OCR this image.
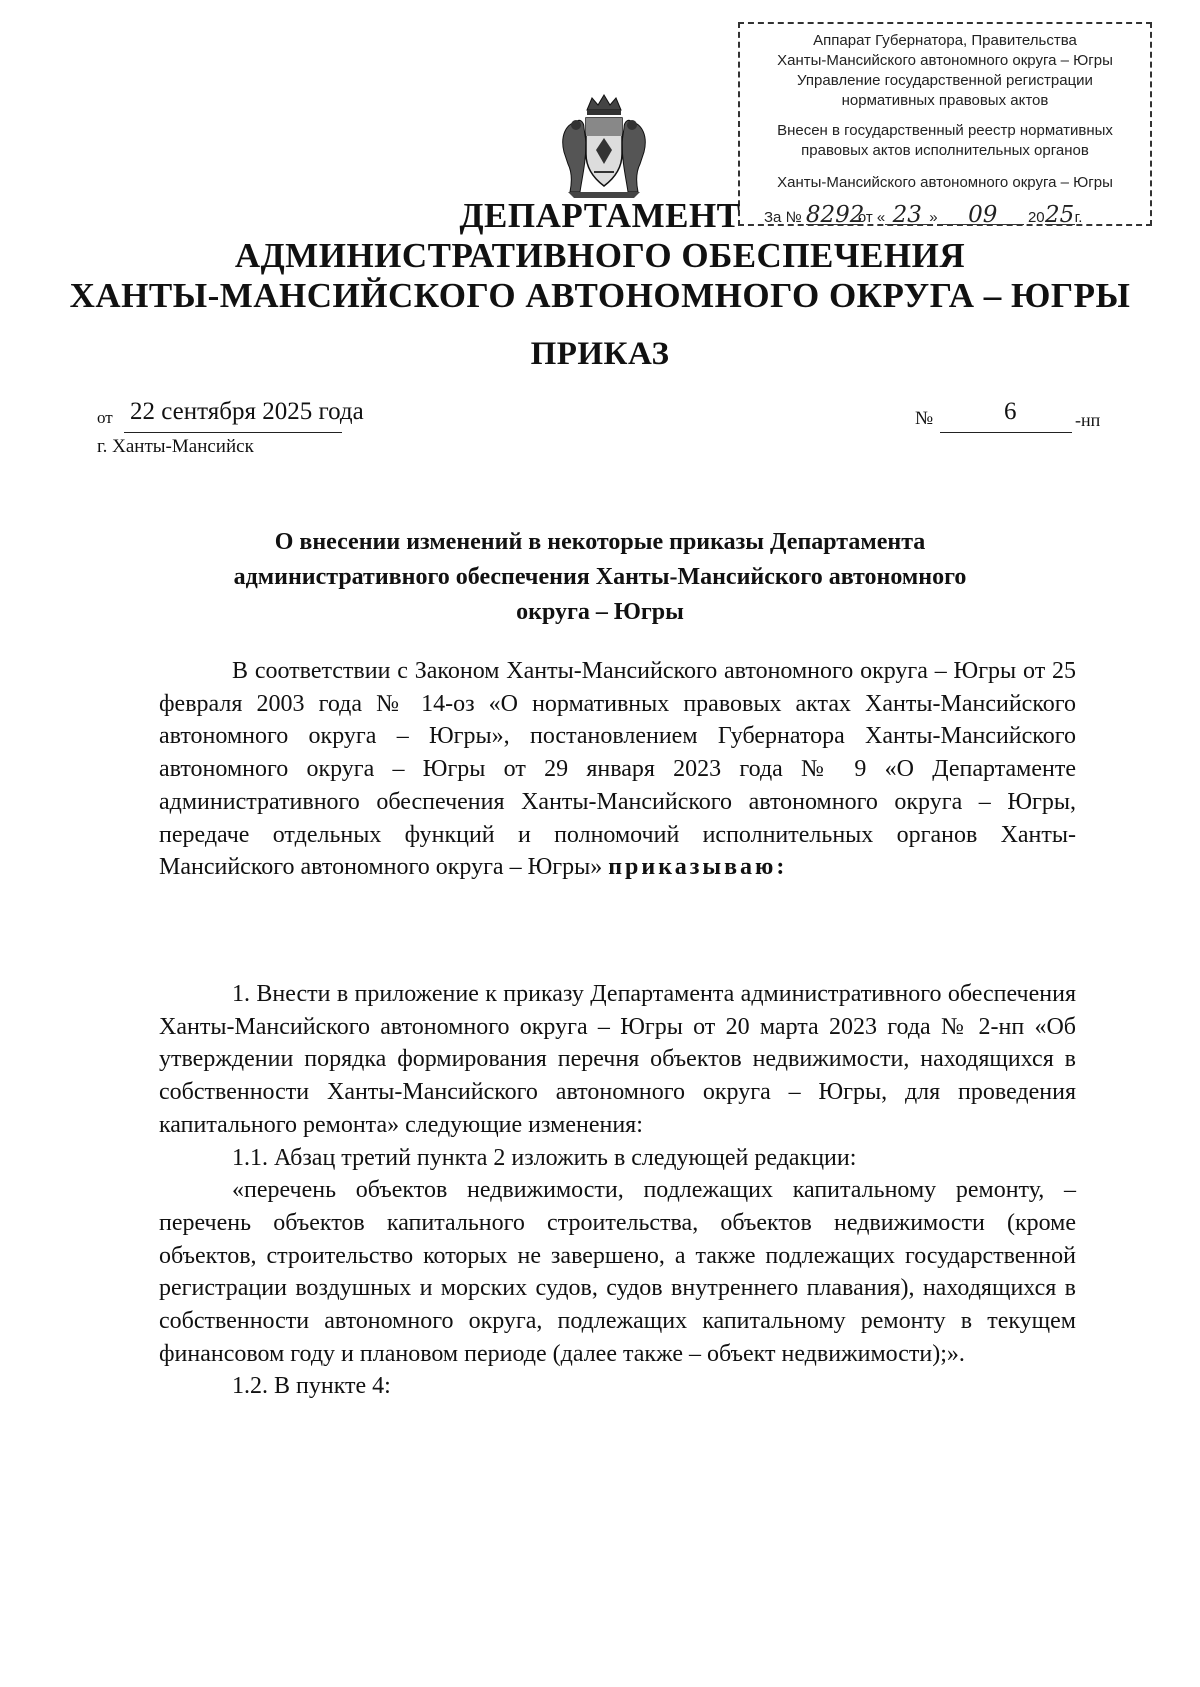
Аппарат Губернатора, Правительства
Ханты-Мансийского автономного округа – Югры
Управление государственной регистрации
нормативных правовых актов
Внесен в государственный реестр нормативных
правовых актов исполнительных органов
Ханты-Мансийского автономного округа – Югры
За № 8292от « 23 » 09 2025г.
ДЕПАРТАМЕНТ
АДМИНИСТРАТИВНОГО ОБЕСПЕЧЕНИЯ
ХАНТЫ-МАНСИЙСКОГО АВТОНОМНОГО ОКРУГА – ЮГРЫ
ПРИКАЗ
от 22 сентября 2025 года
г. Ханты-Мансийск
№	6	-нп
О внесении изменений в некоторые приказы Департамента
административного обеспечения Ханты-Мансийского автономного
округа – Югры

В соответствии с Законом Ханты-Мансийского автономного округа – Югры от 25 февраля 2003 года № 14-оз «О нормативных правовых актах Ханты-Мансийского автономного округа – Югры», постановлением Губернатора Ханты-Мансийского автономного округа – Югры от 29 января 2023 года № 9 «О Департаменте административного обеспечения Ханты-Мансийского автономного округа – Югры, передаче отдельных функций и полномочий исполнительных органов Ханты-Мансийского автономного округа – Югры» приказываю:

1. Внести в приложение к приказу Департамента административного обеспечения Ханты-Мансийского автономного округа – Югры от 20 марта 2023 года № 2-нп «Об утверждении порядка формирования перечня объектов недвижимости, находящихся в собственности Ханты-Мансийского автономного округа – Югры, для проведения капитального ремонта» следующие изменения:

1.1. Абзац третий пункта 2 изложить в следующей редакции:

«перечень объектов недвижимости, подлежащих капитальному ремонту, – перечень объектов капитального строительства, объектов недвижимости (кроме объектов, строительство которых не завершено, а также подлежащих государственной регистрации воздушных и морских судов, судов внутреннего плавания), находящихся в собственности автономного округа, подлежащих капитальному ремонту в текущем финансовом году и плановом периоде (далее также – объект недвижимости);».

1.2. В пункте 4:
